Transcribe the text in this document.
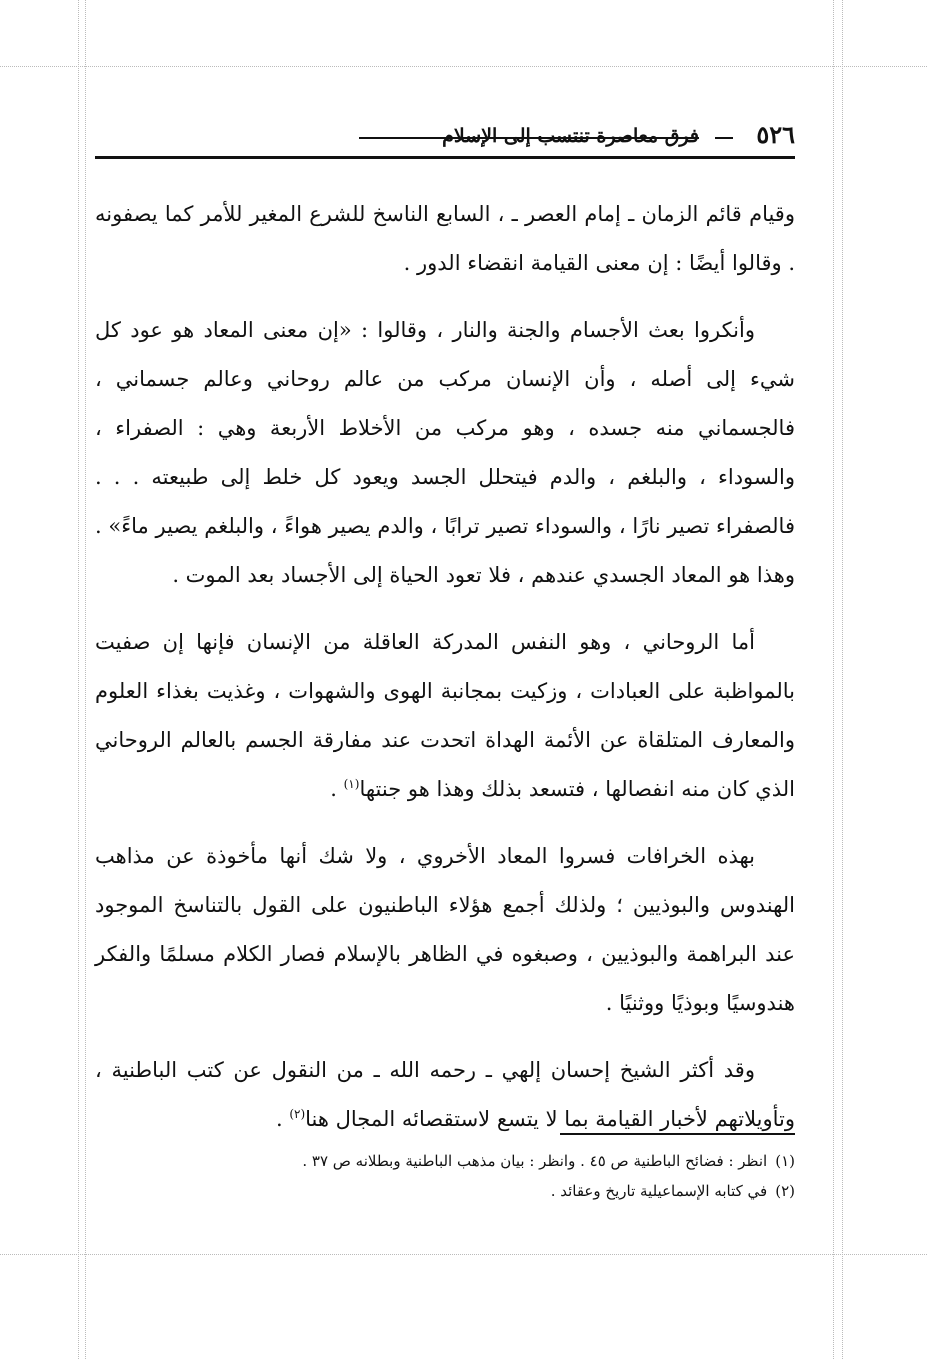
٥٢٦
فرق معاصرة تنتسب إلى الإسلام

وقيام قائم الزمان ـ إمام العصر ـ ، السابع الناسخ للشرع المغير للأمر كما يصفونه . وقالوا أيضًا : إن معنى القيامة انقضاء الدور .

وأنكروا بعث الأجسام والجنة والنار ، وقالوا : «إن معنى المعاد هو عود كل شيء إلى أصله ، وأن الإنسان مركب من عالم روحاني وعالم جسماني ، فالجسماني منه جسده ، وهو مركب من الأخلاط الأربعة وهي : الصفراء ، والسوداء ، والبلغم ، والدم فيتحلل الجسد ويعود كل خلط إلى طبيعته . . . فالصفراء تصير نارًا ، والسوداء تصير ترابًا ، والدم يصير هواءً ، والبلغم يصير ماءً» . وهذا هو المعاد الجسدي عندهم ، فلا تعود الحياة إلى الأجساد بعد الموت .

أما الروحاني ، وهو النفس المدركة العاقلة من الإنسان فإنها إن صفيت بالمواظبة على العبادات ، وزكيت بمجانبة الهوى والشهوات ، وغذيت بغذاء العلوم والمعارف المتلقاة عن الأئمة الهداة اتحدت عند مفارقة الجسم بالعالم الروحاني الذي كان منه انفصالها ، فتسعد بذلك وهذا هو جنتها$^{(١)}$ .

بهذه الخرافات فسروا المعاد الأخروي ، ولا شك أنها مأخوذة عن مذاهب الهندوس والبوذيين ؛ ولذلك أجمع هؤلاء الباطنيون على القول بالتناسخ الموجود عند البراهمة والبوذيين ، وصبغوه في الظاهر بالإسلام فصار الكلام مسلمًا والفكر هندوسيًا وبوذيًا ووثنيًا .

وقد أكثر الشيخ إحسان إلهي ـ رحمه الله ـ من النقول عن كتب الباطنية ، وتأويلاتهم لأخبار القيامة بما لا يتسع لاستقصائه المجال هنا$^{(٢)}$ .

(١)انظر : فضائح الباطنية ص ٤٥ . وانظر : بيان مذهب الباطنية وبطلانه ص ٣٧ .

(٢)في كتابه الإسماعيلية تاريخ وعقائد .
